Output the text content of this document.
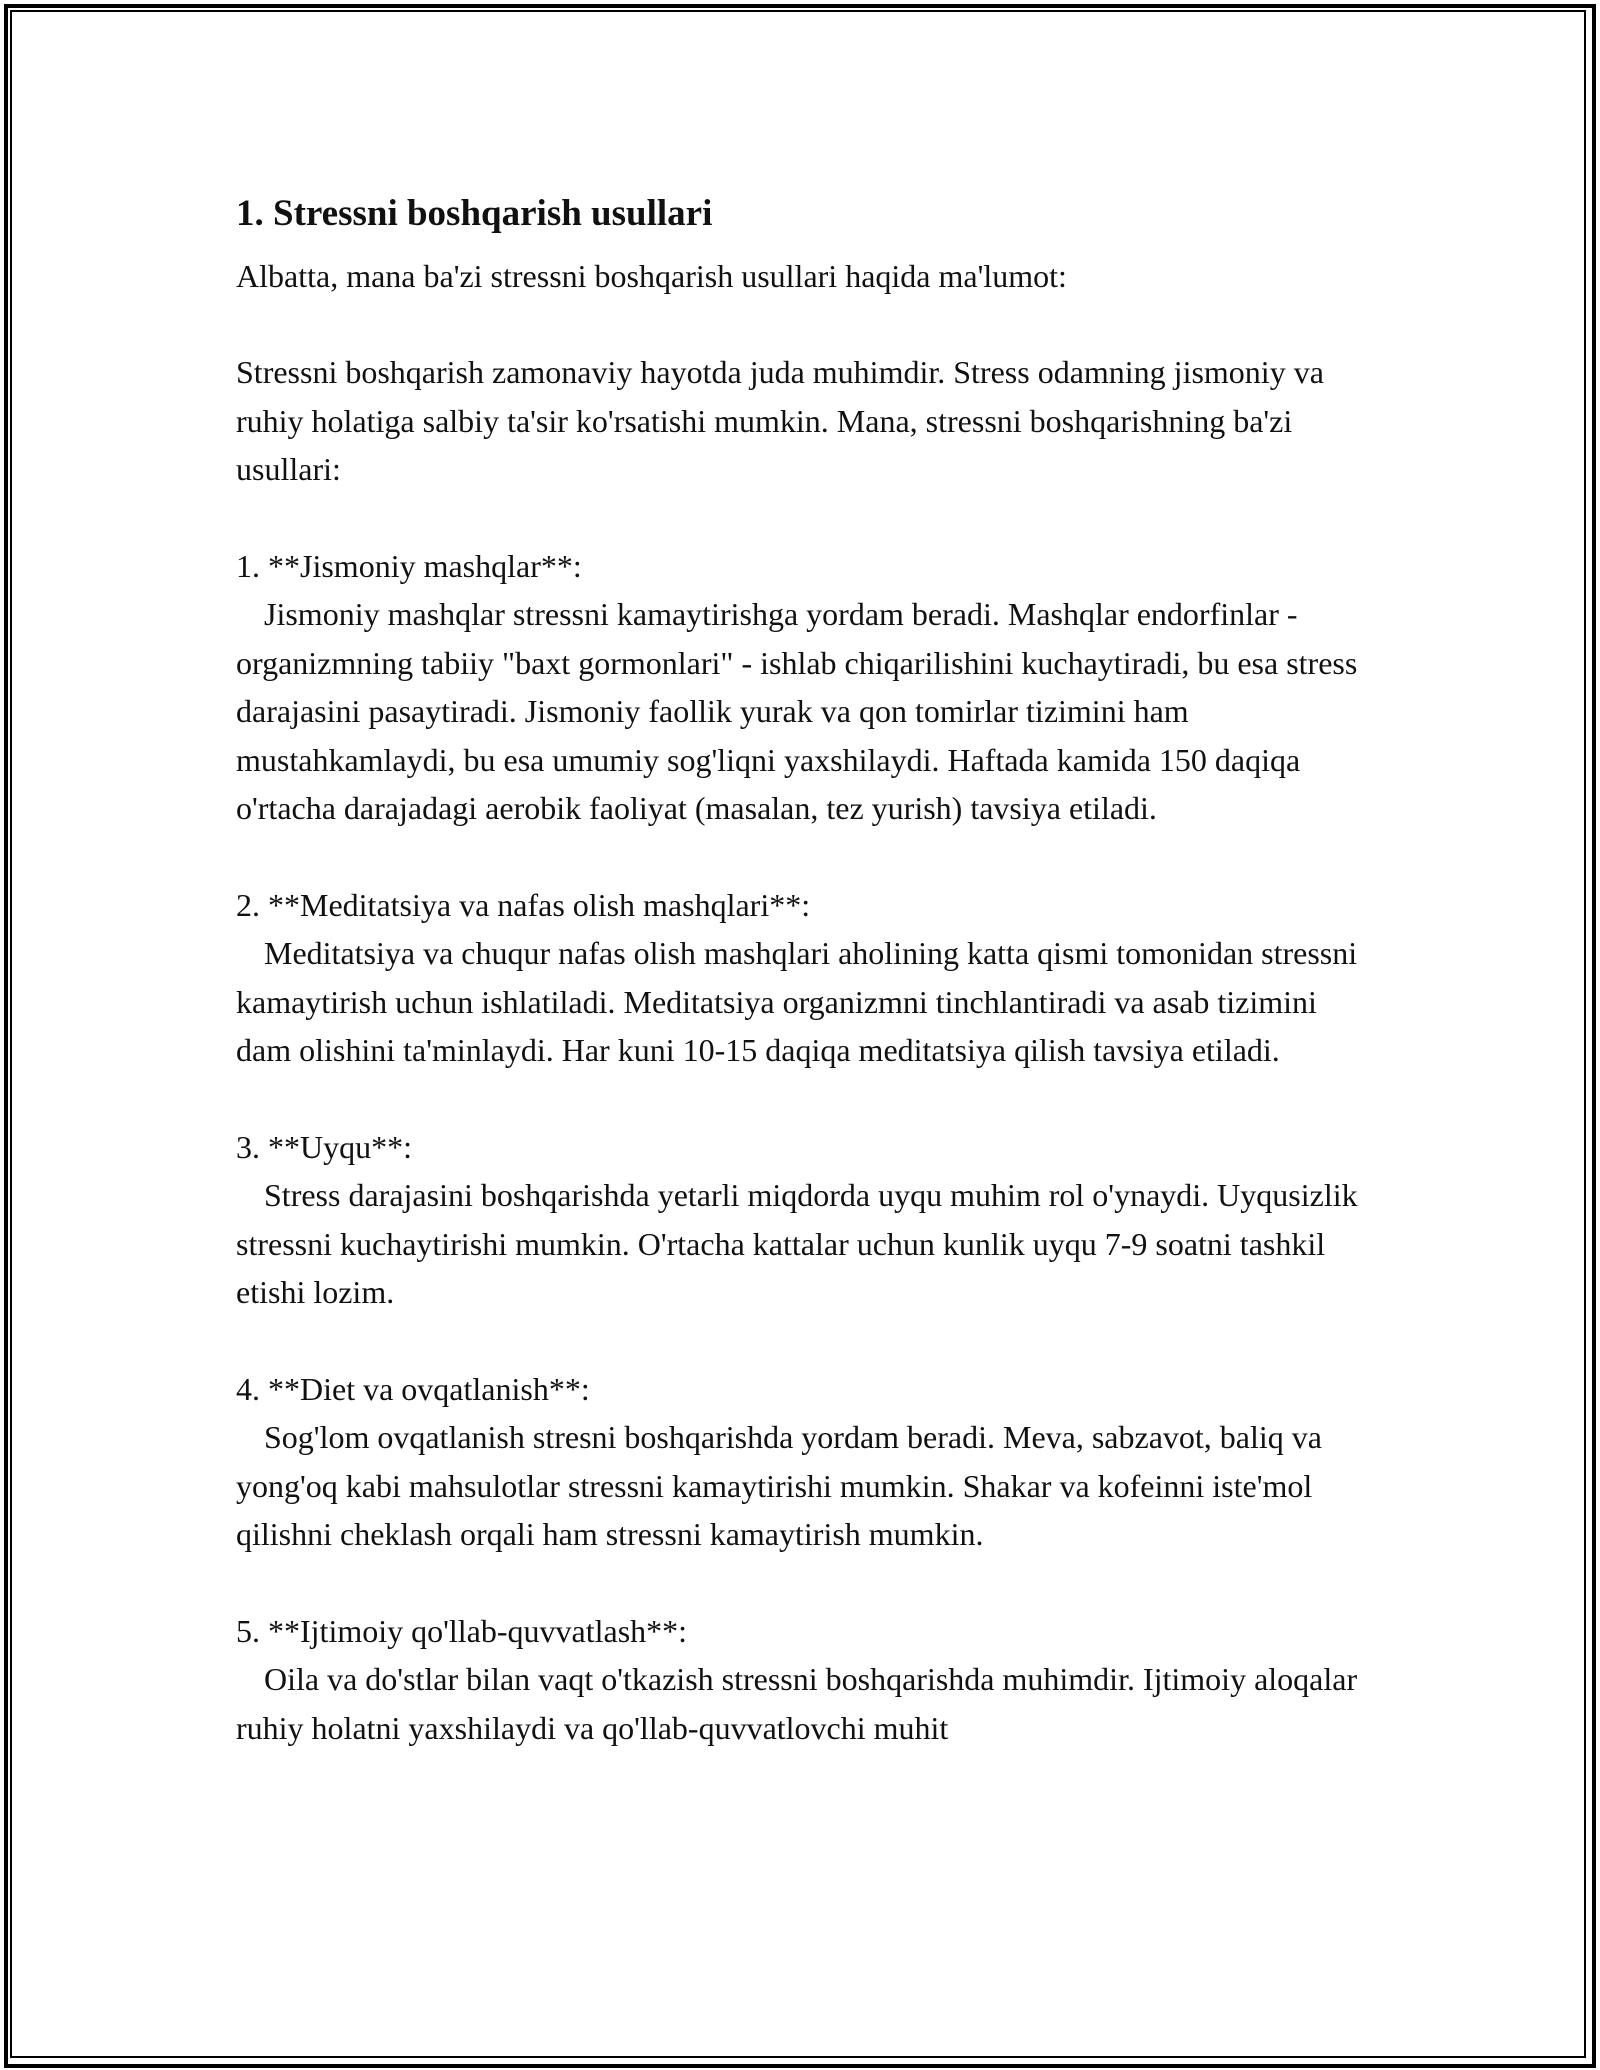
1. Stressni boshqarish usullari

Albatta, mana ba'zi stressni boshqarish usullari haqida ma'lumot:

Stressni boshqarish zamonaviy hayotda juda muhimdir. Stress odamning jismoniy va ruhiy holatiga salbiy ta'sir ko'rsatishi mumkin. Mana, stressni boshqarishning ba'zi usullari:

1. **Jismoniy mashqlar**:
Jismoniy mashqlar stressni kamaytirishga yordam beradi. Mashqlar endorfinlar - organizmning tabiiy "baxt gormonlari" - ishlab chiqarilishini kuchaytiradi, bu esa stress darajasini pasaytiradi. Jismoniy faollik yurak va qon tomirlar tizimini ham mustahkamlaydi, bu esa umumiy sog'liqni yaxshilaydi. Haftada kamida 150 daqiqa o'rtacha darajadagi aerobik faoliyat (masalan, tez yurish) tavsiya etiladi.
2. **Meditatsiya va nafas olish mashqlari**:
Meditatsiya va chuqur nafas olish mashqlari aholining katta qismi tomonidan stressni kamaytirish uchun ishlatiladi. Meditatsiya organizmni tinchlantiradi va asab tizimini dam olishini ta'minlaydi. Har kuni 10-15 daqiqa meditatsiya qilish tavsiya etiladi.
3. **Uyqu**:
Stress darajasini boshqarishda yetarli miqdorda uyqu muhim rol o'ynaydi. Uyqusizlik stressni kuchaytirishi mumkin. O'rtacha kattalar uchun kunlik uyqu 7-9 soatni tashkil etishi lozim.
4. **Diet va ovqatlanish**:
Sog'lom ovqatlanish stresni boshqarishda yordam beradi. Meva, sabzavot, baliq va yong'oq kabi mahsulotlar stressni kamaytirishi mumkin. Shakar va kofeinni iste'mol qilishni cheklash orqali ham stressni kamaytirish mumkin.
5. **Ijtimoiy qo'llab-quvvatlash**:
Oila va do'stlar bilan vaqt o'tkazish stressni boshqarishda muhimdir. Ijtimoiy aloqalar ruhiy holatni yaxshilaydi va qo'llab-quvvatlovchi muhit
